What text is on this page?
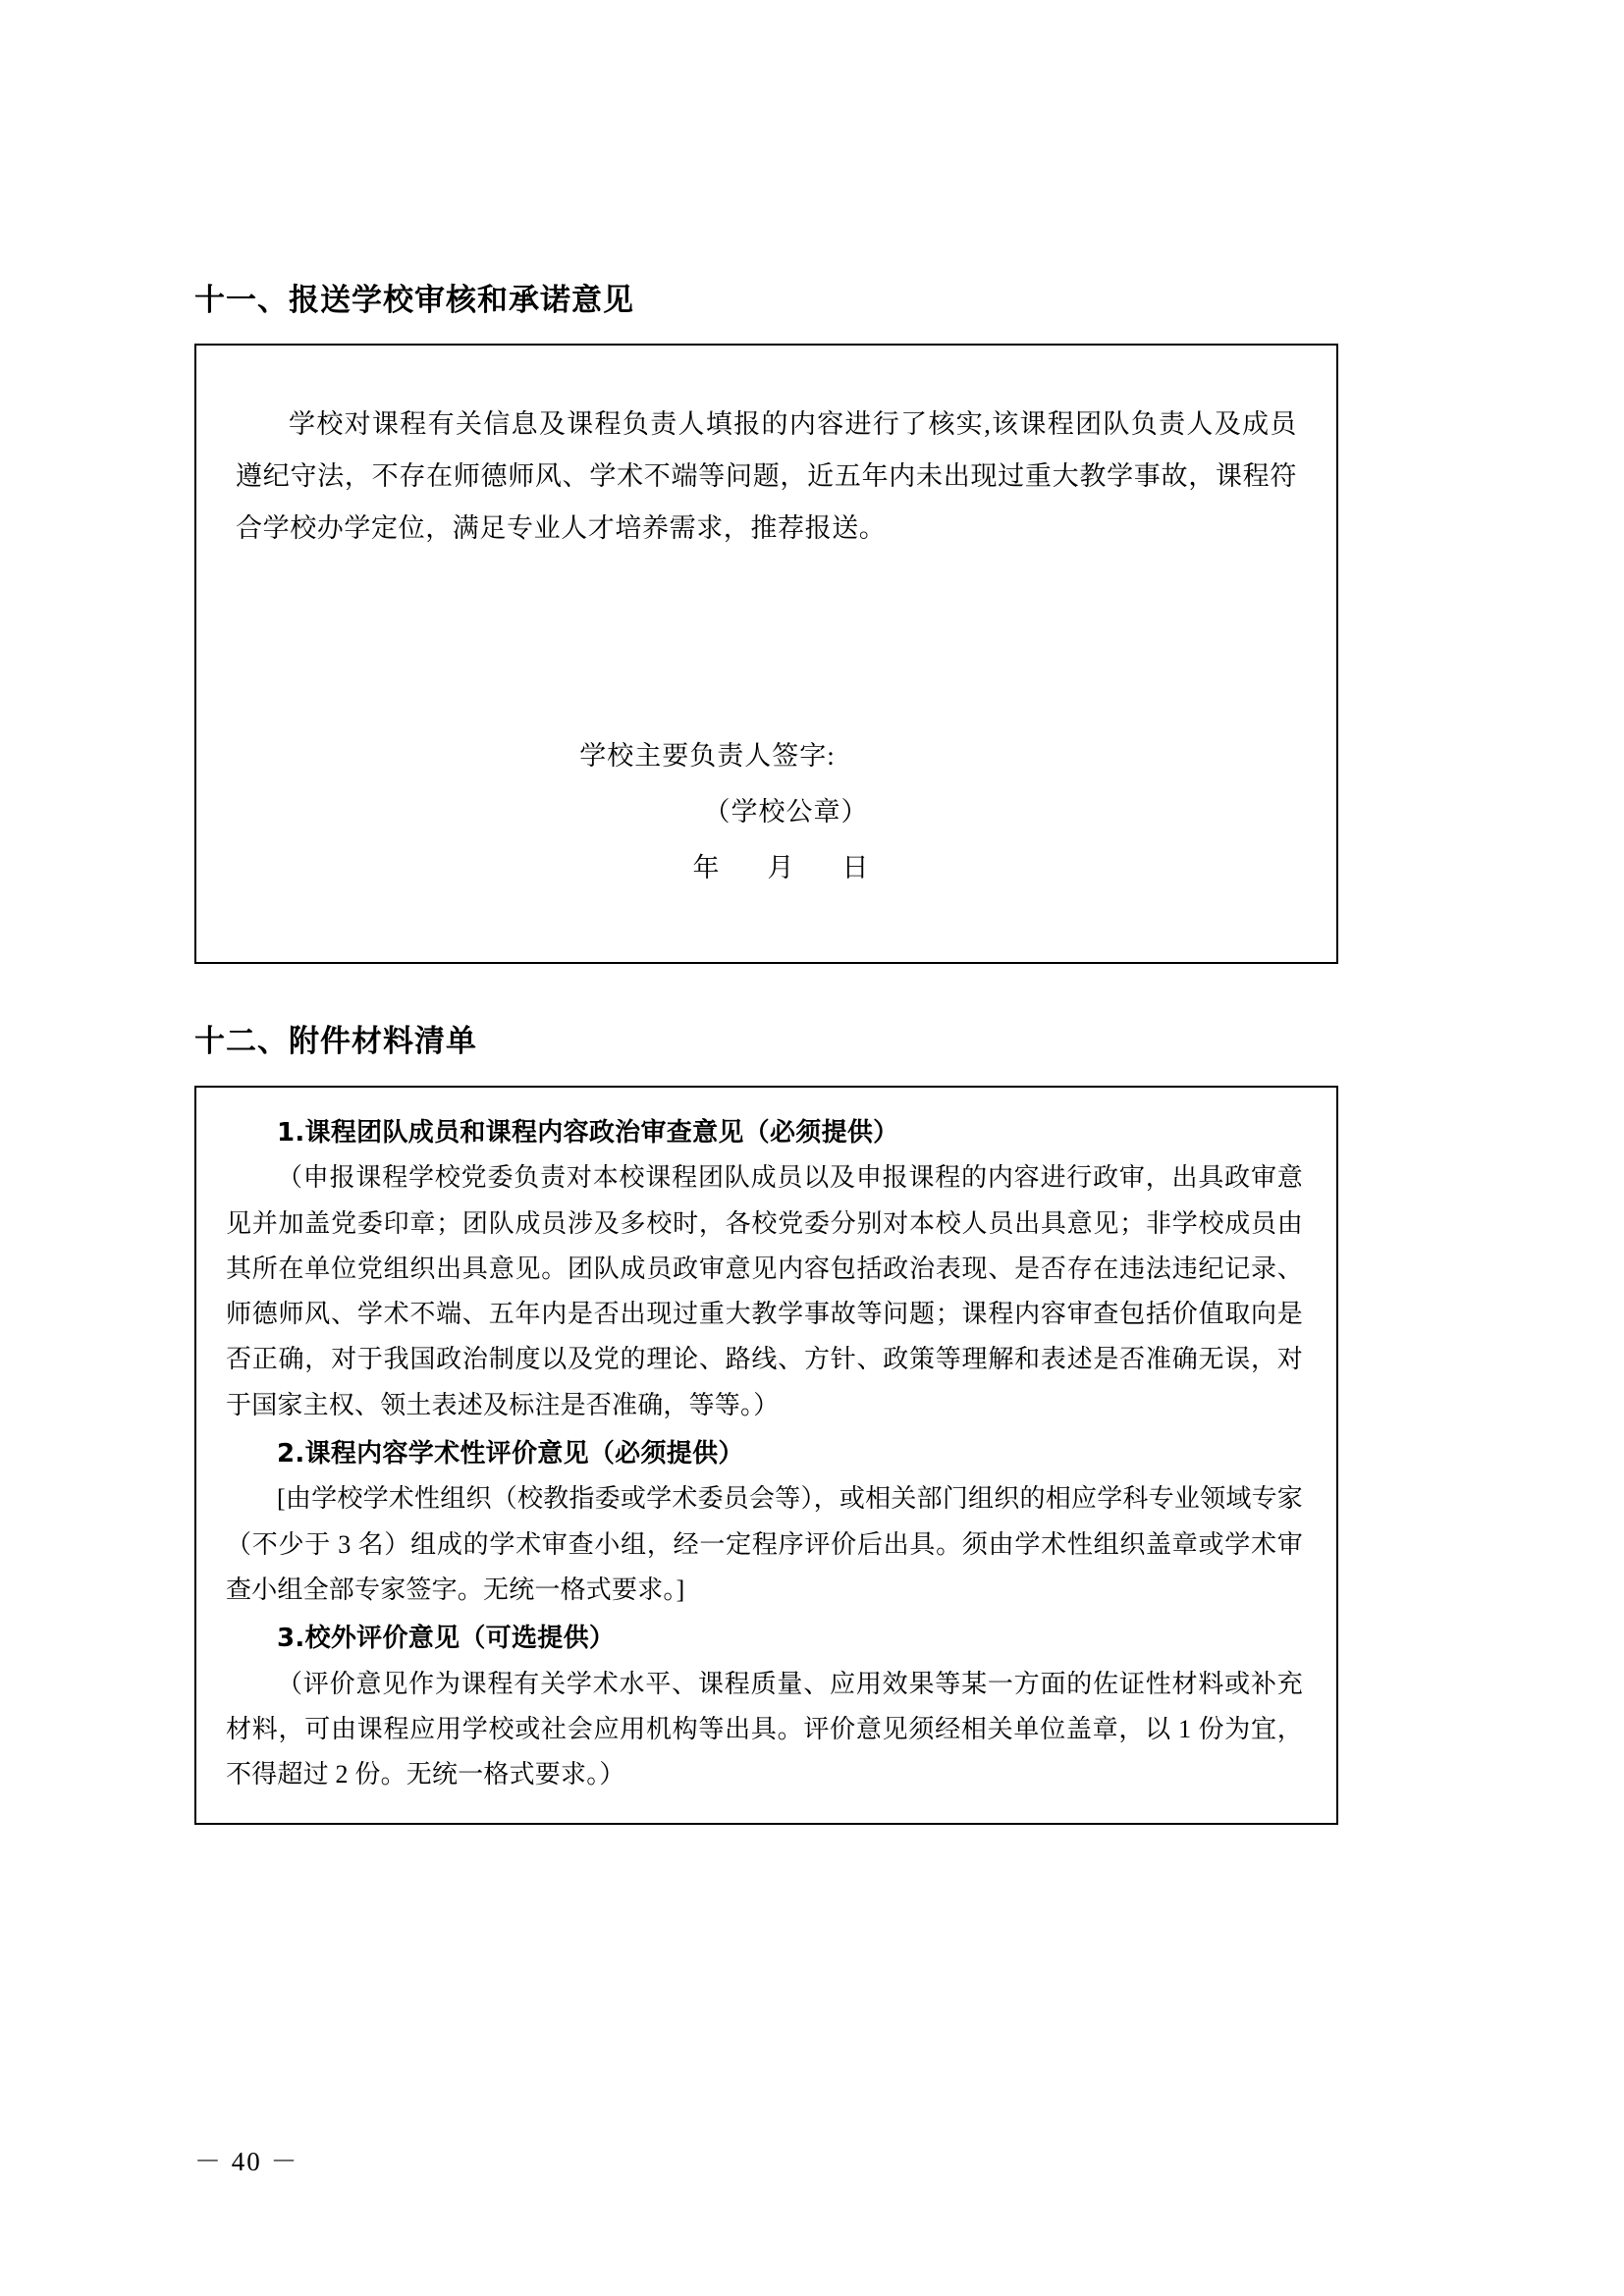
十一、报送学校审核和承诺意见

学校对课程有关信息及课程负责人填报的内容进行了核实,该课程团队负责人及成员遵纪守法，不存在师德师风、学术不端等问题，近五年内未出现过重大教学事故，课程符合学校办学定位，满足专业人才培养需求，推荐报送。

学校主要负责人签字:
（学校公章）
年 月 日
十二、附件材料清单

1.课程团队成员和课程内容政治审查意见（必须提供）

（申报课程学校党委负责对本校课程团队成员以及申报课程的内容进行政审，出具政审意见并加盖党委印章；团队成员涉及多校时，各校党委分别对本校人员出具意见；非学校成员由其所在单位党组织出具意见。团队成员政审意见内容包括政治表现、是否存在违法违纪记录、师德师风、学术不端、五年内是否出现过重大教学事故等问题；课程内容审查包括价值取向是否正确，对于我国政治制度以及党的理论、路线、方针、政策等理解和表述是否准确无误，对于国家主权、领土表述及标注是否准确，等等。）

2.课程内容学术性评价意见（必须提供）

[由学校学术性组织（校教指委或学术委员会等），或相关部门组织的相应学科专业领域专家（不少于 3 名）组成的学术审查小组，经一定程序评价后出具。须由学术性组织盖章或学术审查小组全部专家签字。无统一格式要求。]

3.校外评价意见（可选提供）

（评价意见作为课程有关学术水平、课程质量、应用效果等某一方面的佐证性材料或补充材料，可由课程应用学校或社会应用机构等出具。评价意见须经相关单位盖章，以 1 份为宜，不得超过 2 份。无统一格式要求。）

－ 40 －
